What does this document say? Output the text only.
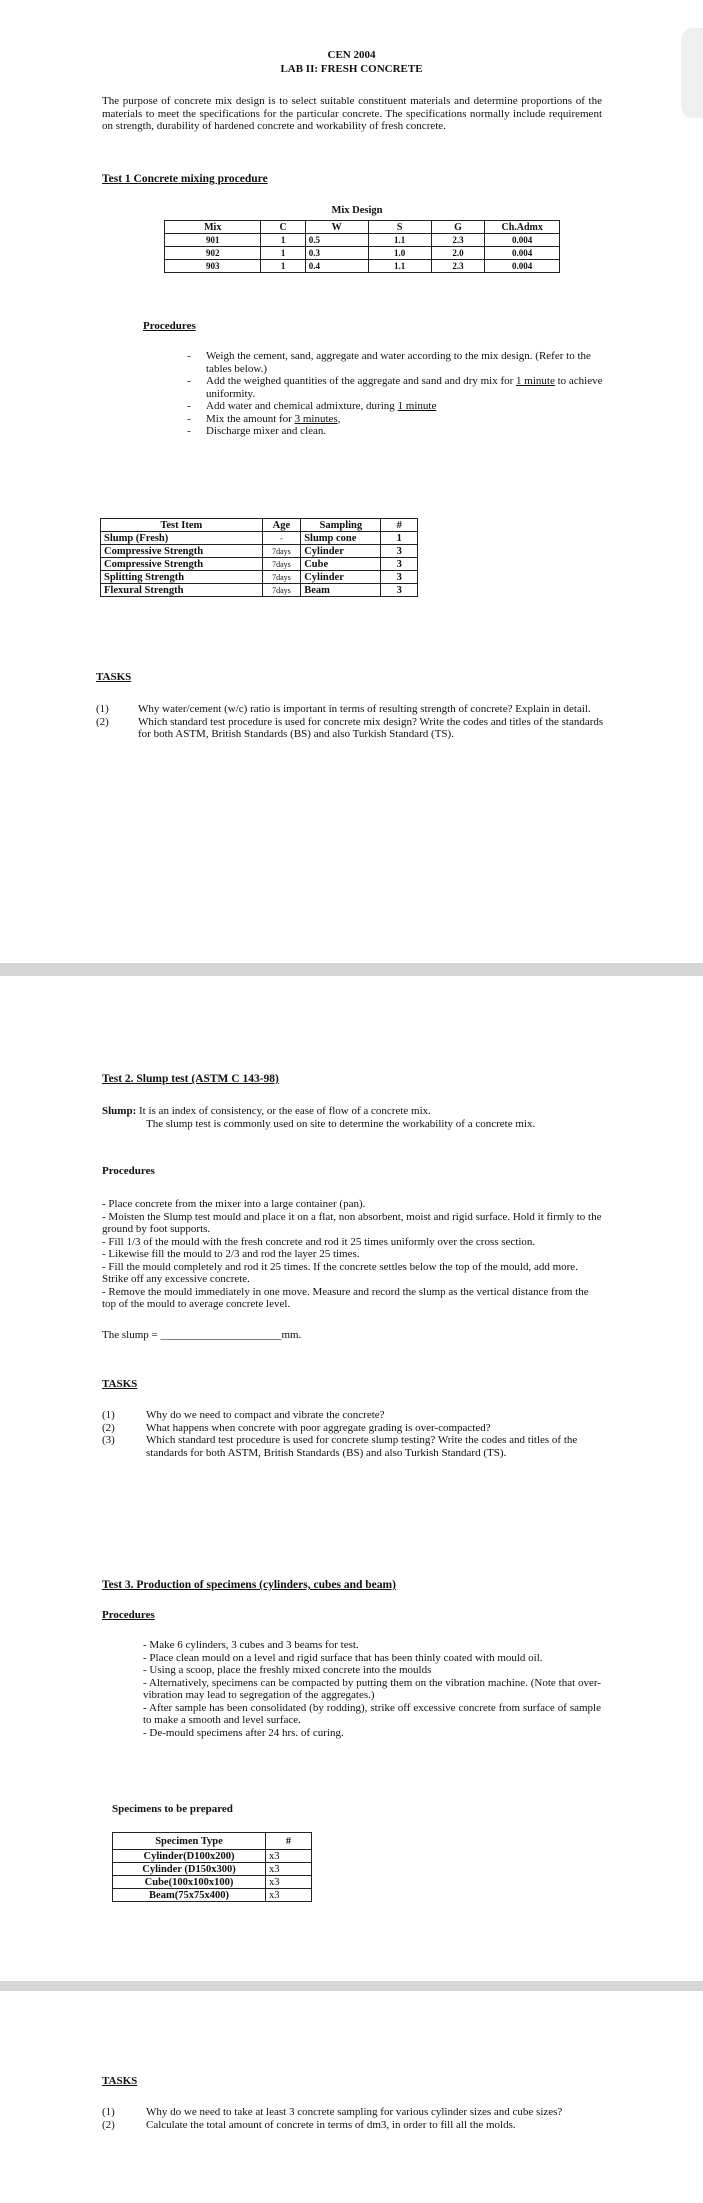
CEN 2004
LAB II: FRESH CONCRETE
The purpose of concrete mix design is to select suitable constituent materials and determine proportions of the materials to meet the specifications for the particular concrete. The specifications normally include requirement on strength, durability of hardened concrete and workability of fresh concrete.
Test 1 Concrete mixing procedure
Mix Design
Mix	C	W	S	G	Ch.Admx
901	1	0.5	1.1	2.3	0.004
902	1	0.3	1.0	2.0	0.004
903	1	0.4	1.1	2.3	0.004
Procedures
-	Weigh the cement, sand, aggregate and water according to the mix design. (Refer to the tables below.)
-	Add the weighed quantities of the aggregate and sand and dry mix for 1 minute to achieve uniformity.
-	Add water and chemical admixture, during 1 minute
-	Mix the amount for 3 minutes,
-	Discharge mixer and clean.
Test Item	Age	Sampling	#
Slump (Fresh)	-	Slump cone	1
Compressive Strength	7days	Cylinder	3
Compressive Strength	7days	Cube	3
Splitting Strength	7days	Cylinder	3
Flexural Strength	7days	Beam	3
TASKS
(1)	Why water/cement (w/c) ratio is important in terms of resulting strength of concrete? Explain in detail.
(2)	Which standard test procedure is used for concrete mix design? Write the codes and titles of the standards for both ASTM, British Standards (BS) and also Turkish Standard (TS).
Test 2. Slump test (ASTM C 143-98)
Slump: It is an index of consistency, or the ease of flow of a concrete mix.
The slump test is commonly used on site to determine the workability of a concrete mix.
Procedures
- Place concrete from the mixer into a large container (pan).
- Moisten the Slump test mould and place it on a flat, non absorbent, moist and rigid surface. Hold it firmly to the ground by foot supports.
- Fill 1/3 of the mould with the fresh concrete and rod it 25 times uniformly over the cross section.
- Likewise fill the mould to 2/3 and rod the layer 25 times.
- Fill the mould completely and rod it 25 times. If the concrete settles below the top of the mould, add more. Strike off any excessive concrete.
- Remove the mould immediately in one move. Measure and record the slump as the vertical distance from the top of the mould to average concrete level.
The slump = ______________________mm.
TASKS
(1)	Why do we need to compact and vibrate the concrete?
(2)	What happens when concrete with poor aggregate grading is over-compacted?
(3)	Which standard test procedure is used for concrete slump testing? Write the codes and titles of the standards for both ASTM, British Standards (BS) and also Turkish Standard (TS).
Test 3. Production of specimens (cylinders, cubes and beam)
Procedures
- Make 6 cylinders, 3 cubes and 3 beams for test.
- Place clean mould on a level and rigid surface that has been thinly coated with mould oil.
- Using a scoop, place the freshly mixed concrete into the moulds
- Alternatively, specimens can be compacted by putting them on the vibration machine. (Note that over-vibration may lead to segregation of the aggregates.)
- After sample has been consolidated (by rodding), strike off excessive concrete from surface of sample to make a smooth and level surface.
- De-mould specimens after 24 hrs. of curing.
Specimens to be prepared
Specimen Type	#
Cylinder(D100x200)	x3
Cylinder (D150x300)	x3
Cube(100x100x100)	x3
Beam(75x75x400)	x3
TASKS
(1)	Why do we need to take at least 3 concrete sampling for various cylinder sizes and cube sizes?
(2)	Calculate the total amount of concrete in terms of dm3, in order to fill all the molds.
